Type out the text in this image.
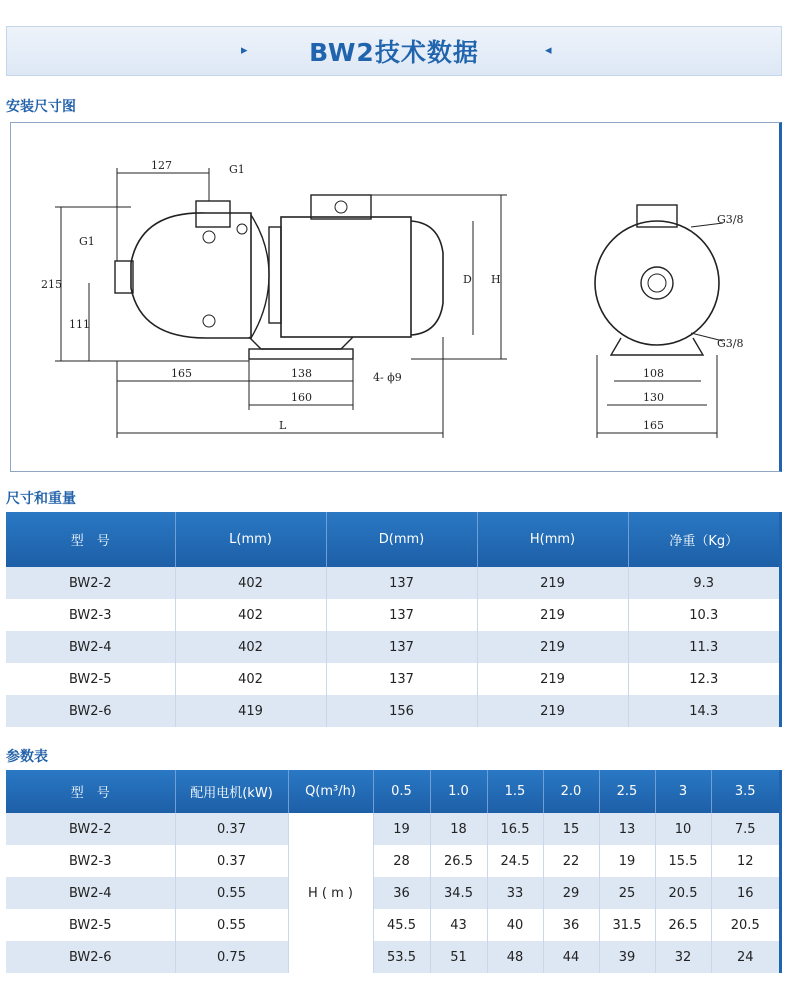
▸ BW2技术数据	◂
安装尺寸图
127	G1
G1
215
111
165	138
160
L
4- ϕ9
D H
G3/8
G3/8
108
130
165
尺寸和重量
型　号	L(mm)	D(mm)	H(mm)	净重（Kg）
BW2-2	402	137	219	9.3
BW2-3	402	137	219	10.3
BW2-4	402	137	219	11.3
BW2-5	402	137	219	12.3
BW2-6	419	156	219	14.3
参数表
型　号	配用电机(kW)	Q(m³/h)	0.5	1.0	1.5	2.0	2.5	3	3.5
BW2-2	0.37	H ( m )	19	18	16.5	15	13	10	7.5
BW2-3	0.37		28	26.5	24.5	22	19	15.5	12
BW2-4	0.55		36	34.5	33	29	25	20.5	16
BW2-5	0.55		45.5	43	40	36	31.5	26.5	20.5
BW2-6	0.75		53.5	51	48	44	39	32	24
